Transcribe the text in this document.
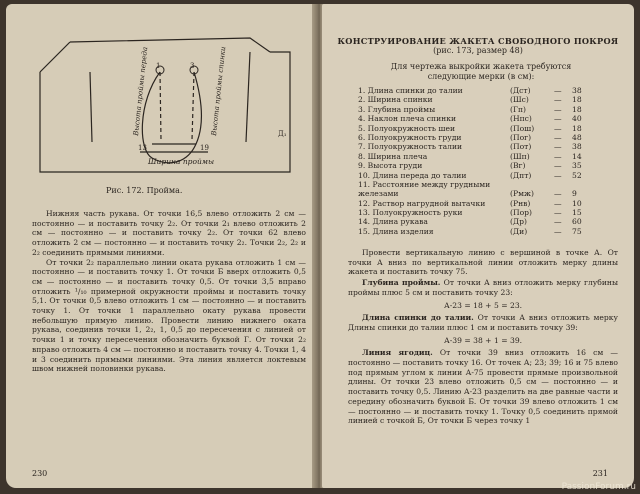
1	3
Высота проймы переда	Высота проймы спинки
13	19
Ширина проймы
Д₁
Рис. 172. Пройма.

Нижняя часть рукава. От точки 16,5 влево отложить 2 см — постоянно — и поставить точку 2₂. От точки 2₁ влево отложить 2 см — постоянно — и поставить точку 2₂. От точки 62 влево отложить 2 см — постоянно — и поставить точку 2₂. Точки 2₂, 2₂ и 2₂ соединить прямыми линиями.

От точки 2₂ параллельно линии оката рукава отложить 1 см — постоянно — и поставить точку 1. От точки Б вверх отложить 0,5 см — постоянно — и поставить точку 0,5. От точки 3,5 вправо отложить ¹/₁₀ примерной окружности проймы и поставить точку 5,1. От точки 0,5 влево отложить 1 см — постоянно — и поставить точку 1. От точки 1 параллельно окату рукава провести небольшую прямую линию. Провести линию нижнего оката рукава, соединив точки 1, 2₂, 1, 0,5 до пересечения с линией от точки 1 и точку пересечения обозначить буквой Г. От точки 2₂ вправо отложить 4 см — постоянно и поставить точку 4. Точки 1, 4 и 3 соединить прямыми линиями. Эта линия является локтевым швом нижней половинки рукава.

230
КОНСТРУИРОВАНИЕ ЖАКЕТА СВОБОДНОГО ПОКРОЯ
(рис. 173, размер 48)
Для чертежа выкройки жакета требуются следующие мерки (в см):
1. Длина спинки до талии	(Дст)	— 38
2. Ширина спинки	(Шс)	— 18
3. Глубина проймы	(Гп)	— 18
4. Наклон плеча спинки	(Нпс)	— 40
5. Полуокружность шеи	(Пош)	— 18
6. Полуокружность груди	(Пог)	— 48
7. Полуокружность талии	(Пот)	— 38
8. Ширина плеча	(Шп)	— 14
9. Высота груди	(Вг)	— 35
10. Длина переда до талии	(Дпт)	— 52
11. Расстояние между грудными
железами	(Рмж)	— 9
12. Раствор нагрудной вытачки	(Рнв)	— 10
13. Полуокружность руки	(Пор)	— 15
14. Длина рукава	(Др)	— 60
15. Длина изделия	(Ди)	— 75

Провести вертикальную линию с вершиной в точке А. От точки А вниз по вертикальной линии отложить мерку длины жакета и поставить точку 75.

Глубина проймы. От точки А вниз отложить мерку глубины проймы плюс 5 см и поставить точку 23:

А-23 = 18 + 5 = 23.

Длина спинки до талии. От точки А вниз отложить мерку Длины спинки до талии плюс 1 см и поставить точку 39:

А-39 = 38 + 1 = 39.

Линия ягодиц. От точки 39 вниз отложить 16 см — постоянно — поставить точку 16. От точек А; 23; 39; 16 и 75 влево под прямым углом к линии А-75 провести прямые произвольной длины. От точки 23 влево отложить 0,5 см — постоянно — и поставить точку 0,5. Линию А-23 разделить на две равные части и середину обозначить буквой Б. От точки 39 влево отложить 1 см — постоянно — и поставить точку 1. Точку 0,5 соединить прямой линией с точкой Б, От точки Б через точку 1

231
PassionForum.ru
